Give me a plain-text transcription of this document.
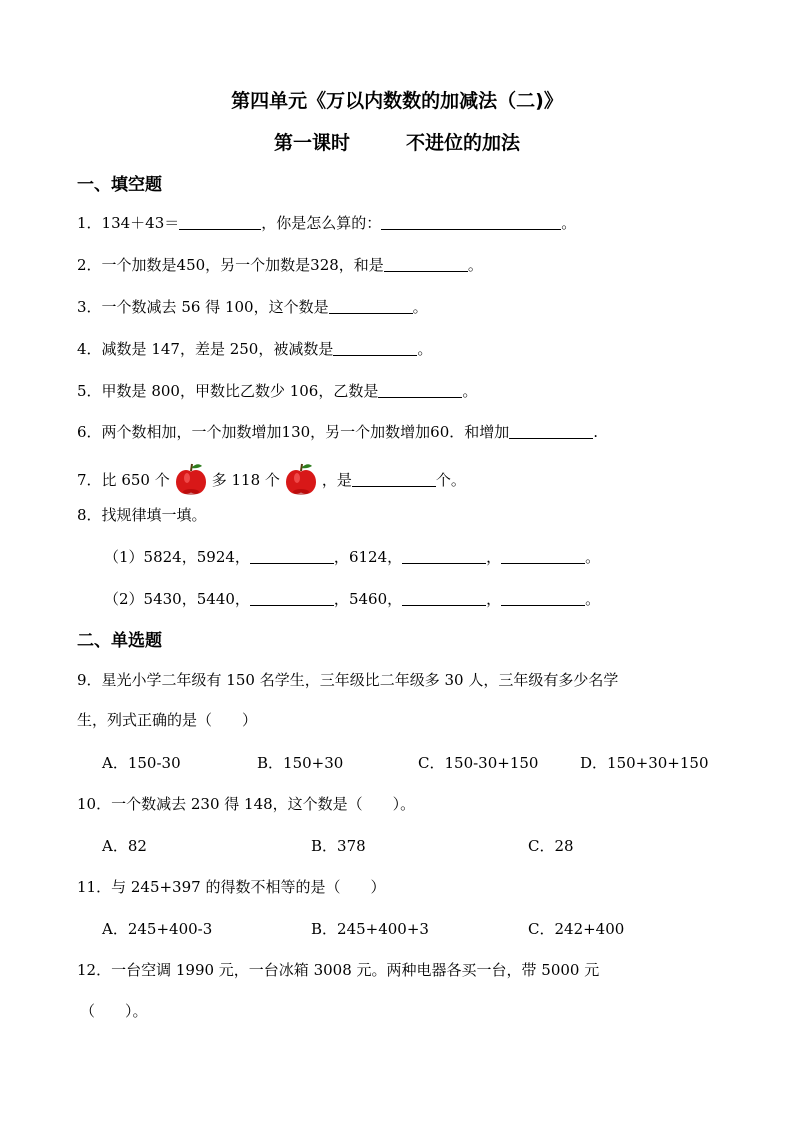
第四单元《万以内数数的加减法（二)》
第一课时	不进位的加法
一、填空题
1．134＋43＝	，你是怎么算的：	。
2．一个加数是450，另一个加数是328，和是	。
3．一个数减去 56 得 100，这个数是	。
4．减数是 147，差是 250，被减数是	。
5．甲数是 800，甲数比乙数少 106，乙数是	。
6．两个数相加，一个加数增加130，另一个加数增加60．和增加	.
7．比 650 个	多 118 个	，是	个。
8．找规律填一填。
（1）5824，5924，	，6124，	，	。
（2）5430，5440，	，5460，	，	。
二、单选题
9．星光小学二年级有 150 名学生，三年级比二年级多 30 人，三年级有多少名学
生，列式正确的是（　　）
A．150-30	B．150+30	C．150-30+150	D．150+30+150
10．一个数减去 230 得 148，这个数是（　　）。
A．82	B．378	C．28
11．与 245+397 的得数不相等的是（　　）
A．245+400-3	B．245+400+3	C．242+400
12．一台空调 1990 元，一台冰箱 3008 元。两种电器各买一台，带 5000 元
（　　）。
